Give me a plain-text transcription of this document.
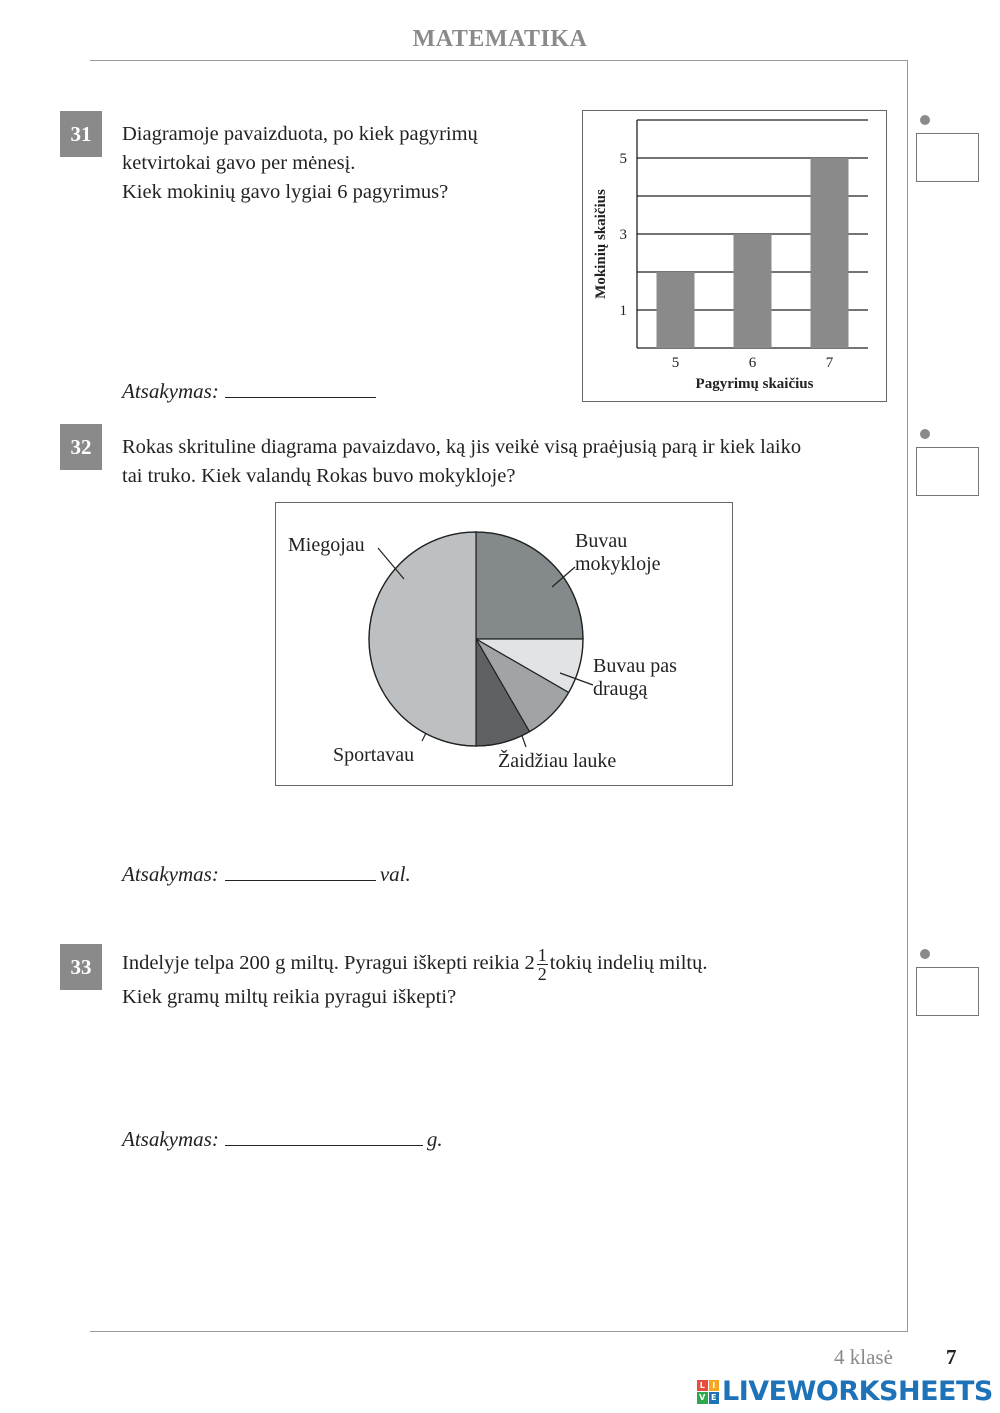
MATEMATIKA
31	Diagramoje pavaizduota, po kiek pagyrimų
ketvirtokai gavo per mėnesį.
Kiek mokinių gavo lygiai 6 pagyrimus?
1
3
5
5	6	7
Pagyrimų skaičius
Mokinių skaičius
Atsakymas:
32	Rokas skrituline diagrama pavaizdavo, ką jis veikė visą praėjusią parą ir kiek laiko
tai truko. Kiek valandų Rokas buvo mokykloje?
Buvau
mokykloje
Buvau pas
draugą
Žaidžiau lauke
Sportavau
Miegojau
Atsakymas:	val.
33	Indelyje telpa 200 g miltų. Pyragui iškepti reikia $2 \frac{1}{2}$ tokių indelių miltų.
Kiek gramų miltų reikia pyragui iškepti?
Atsakymas:	g.
4 klasė	7
L I
V E LIVEWORKSHEETS
